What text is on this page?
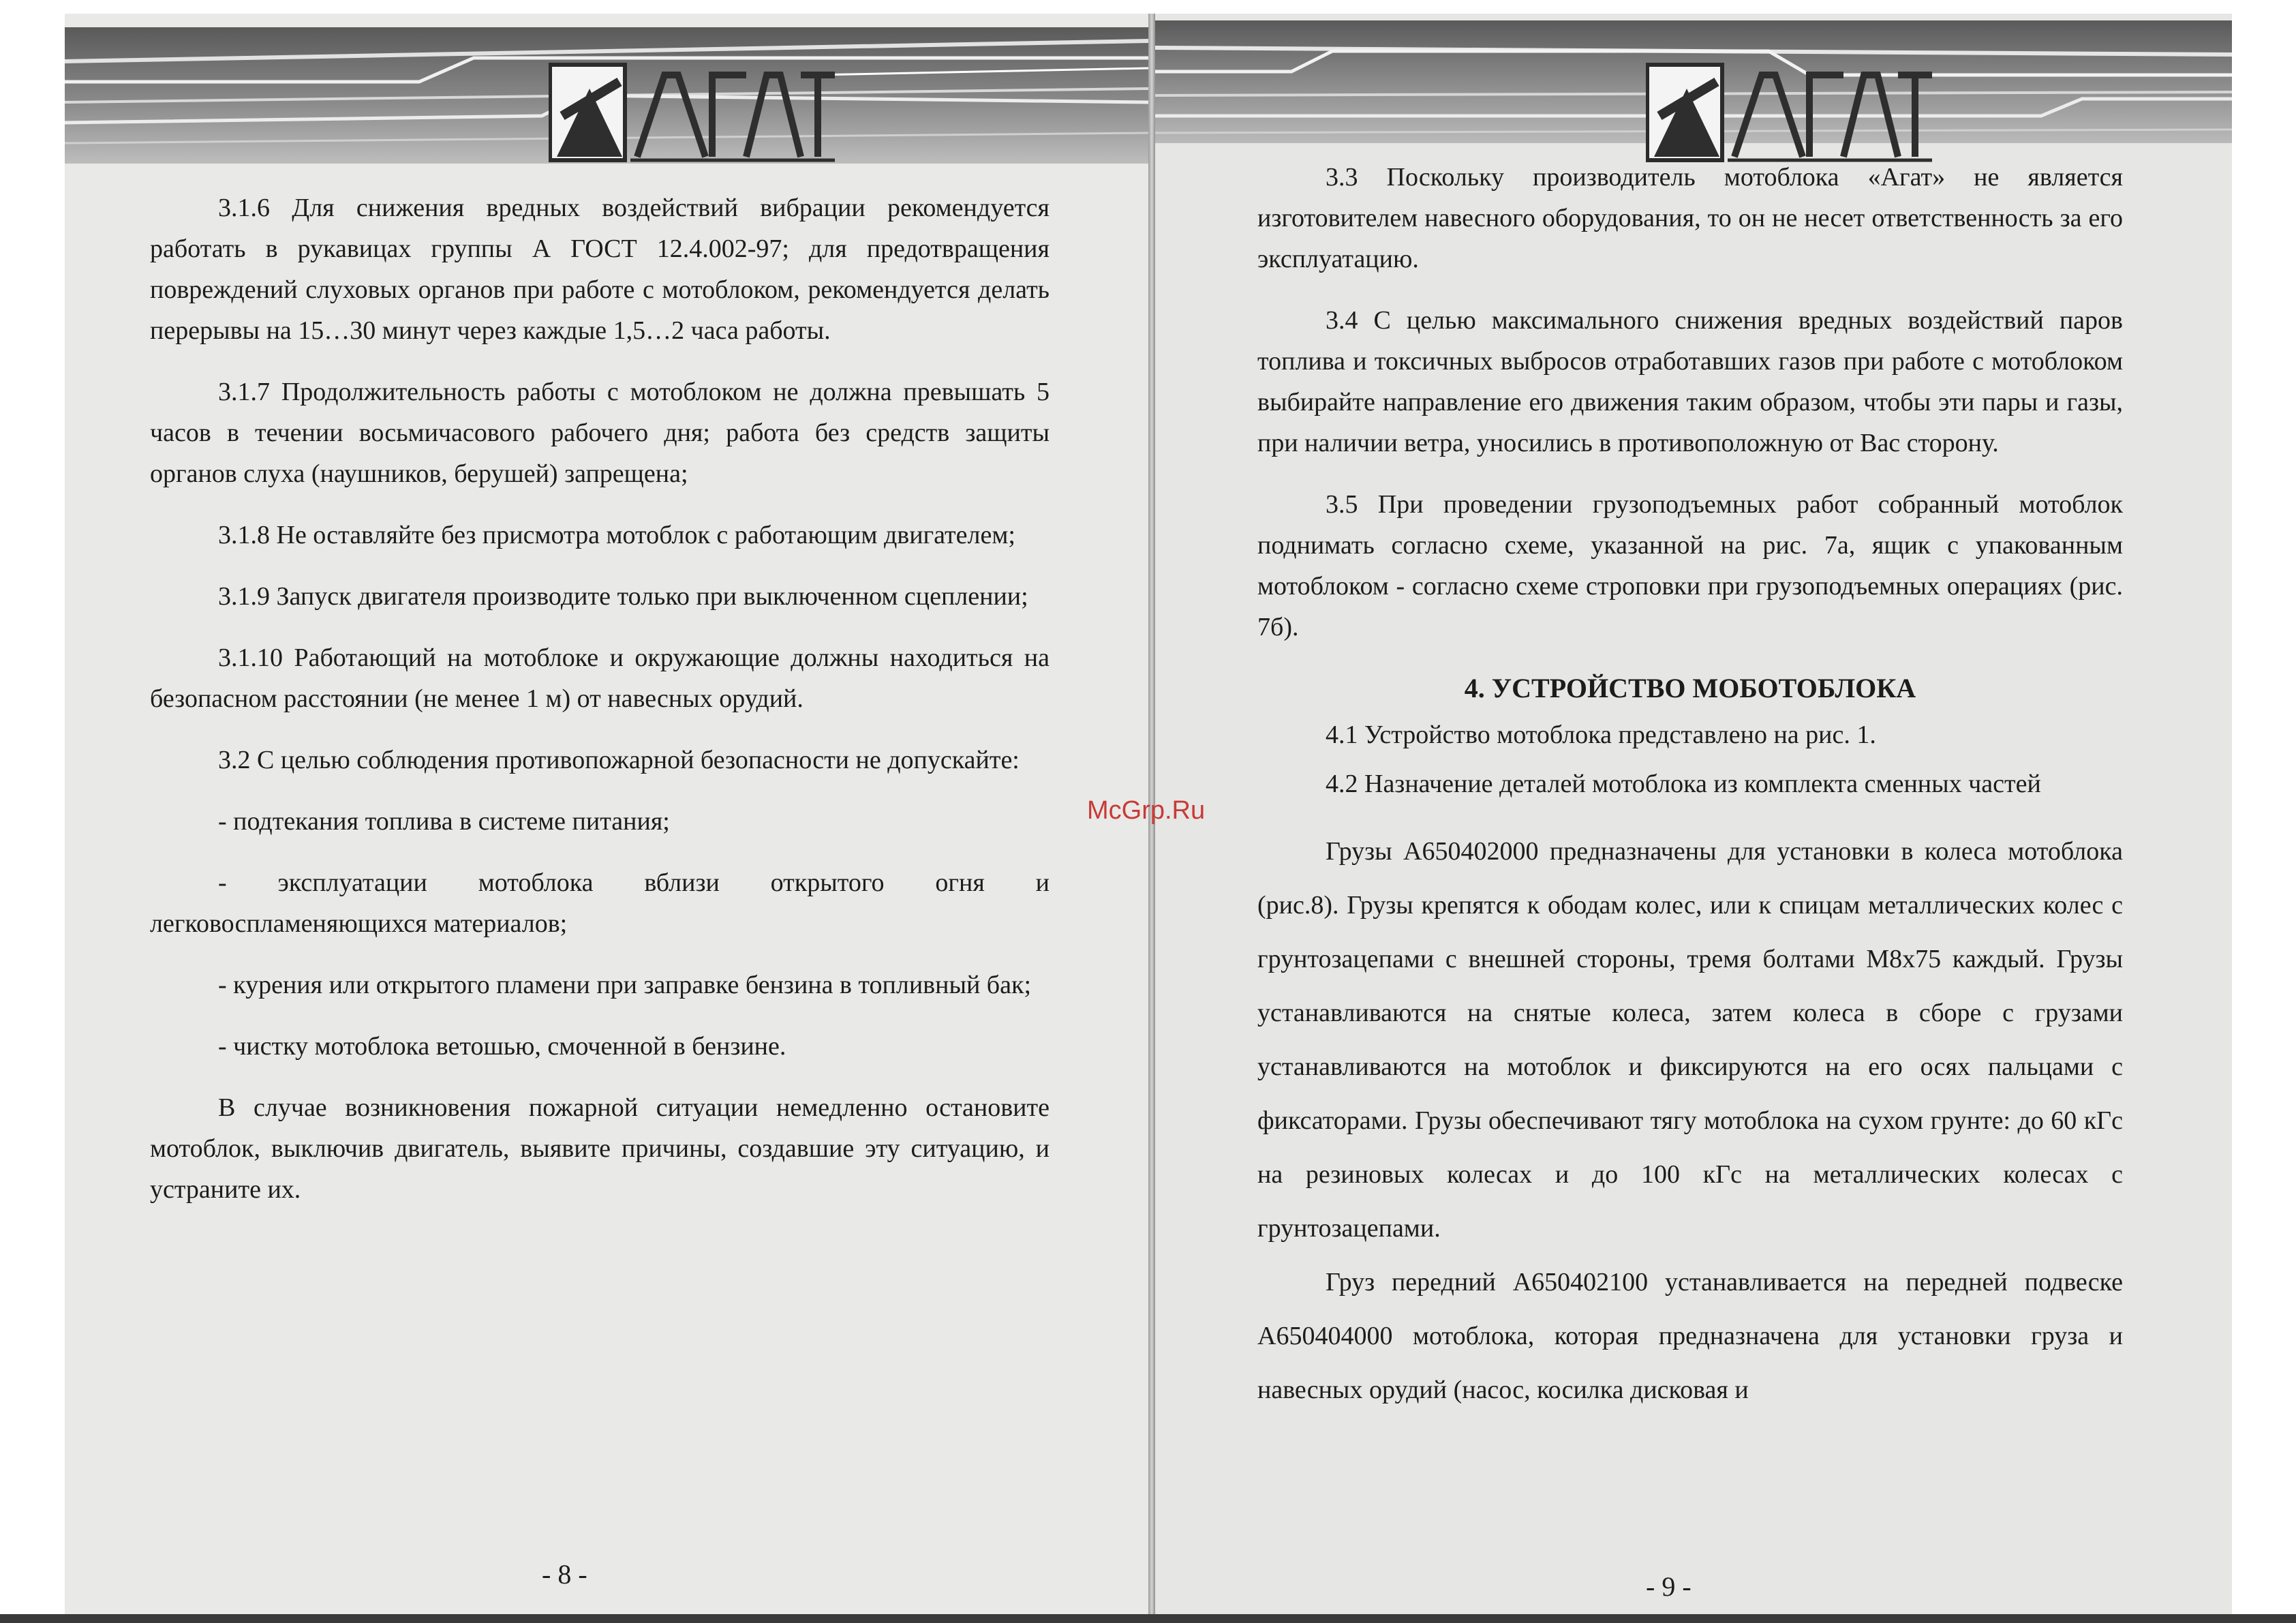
3.1.6 Для снижения вредных воздействий вибрации рекомендуется работать в рукавицах группы А ГОСТ 12.4.002-97; для предотвращения повреждений слуховых органов при работе с мотоблоком, рекомендуется делать перерывы на 15…30 минут через каждые 1,5…2 часа работы.

3.1.7 Продолжительность работы с мотоблоком не должна превышать 5 часов в течении восьмичасового рабочего дня; работа без средств защиты органов слуха (наушников, берушей) запрещена;

3.1.8 Не оставляйте без присмотра мотоблок с работающим двигателем;

3.1.9 Запуск двигателя производите только при выключенном сцеплении;

3.1.10 Работающий на мотоблоке и окружающие должны находиться на безопасном расстоянии (не менее 1 м) от навесных орудий.

3.2 С целью соблюдения противопожарной безопасности не допускайте:

- подтекания топлива в системе питания;

- эксплуатации мотоблока вблизи открытого огня и легковоспламеняющихся материалов;

- курения или открытого пламени при заправке бензина в топливный бак;

- чистку мотоблока ветошью, смоченной в бензине.

В случае возникновения пожарной ситуации немедленно остановите мотоблок, выключив двигатель, выявите причины, создавшие эту ситуацию, и устраните их.

- 8 -

3.3 Поскольку производитель мотоблока «Агат» не является изготовителем навесного оборудования, то он не несет ответственность за его эксплуатацию.

3.4 С целью максимального снижения вредных воздействий паров топлива и токсичных выбросов отработавших газов при работе с мотоблоком выбирайте направление его движения таким образом, чтобы эти пары и газы, при наличии ветра, уносились в противоположную от Вас сторону.

3.5 При проведении грузоподъемных работ собранный мотоблок поднимать согласно схеме, указанной на рис. 7а, ящик с упакованным мотоблоком - согласно схеме строповки при грузоподъемных операциях (рис. 7б).

4. УСТРОЙСТВО МОБОТОБЛОКА

4.1 Устройство мотоблока представлено на рис. 1.

4.2 Назначение деталей мотоблока из комплекта сменных частей

Грузы А650402000 предназначены для установки в колеса мотоблока (рис.8). Грузы крепятся к ободам колес, или к спицам металлических колес с грунтозацепами с внешней стороны, тремя болтами М8х75 каждый. Грузы устанавливаются на снятые колеса, затем колеса в сборе с грузами устанавливаются на мотоблок и фиксируются на его осях пальцами с фиксаторами. Грузы обеспечивают тягу мотоблока на сухом грунте: до 60 кГс на резиновых колесах и до 100 кГс на металлических колесах с грунтозацепами.

Груз передний А650402100 устанавливается на передней подвеске А650404000 мотоблока, которая предназначена для установки груза и навесных орудий (насос, косилка дисковая и

- 9 -
McGrp.Ru
